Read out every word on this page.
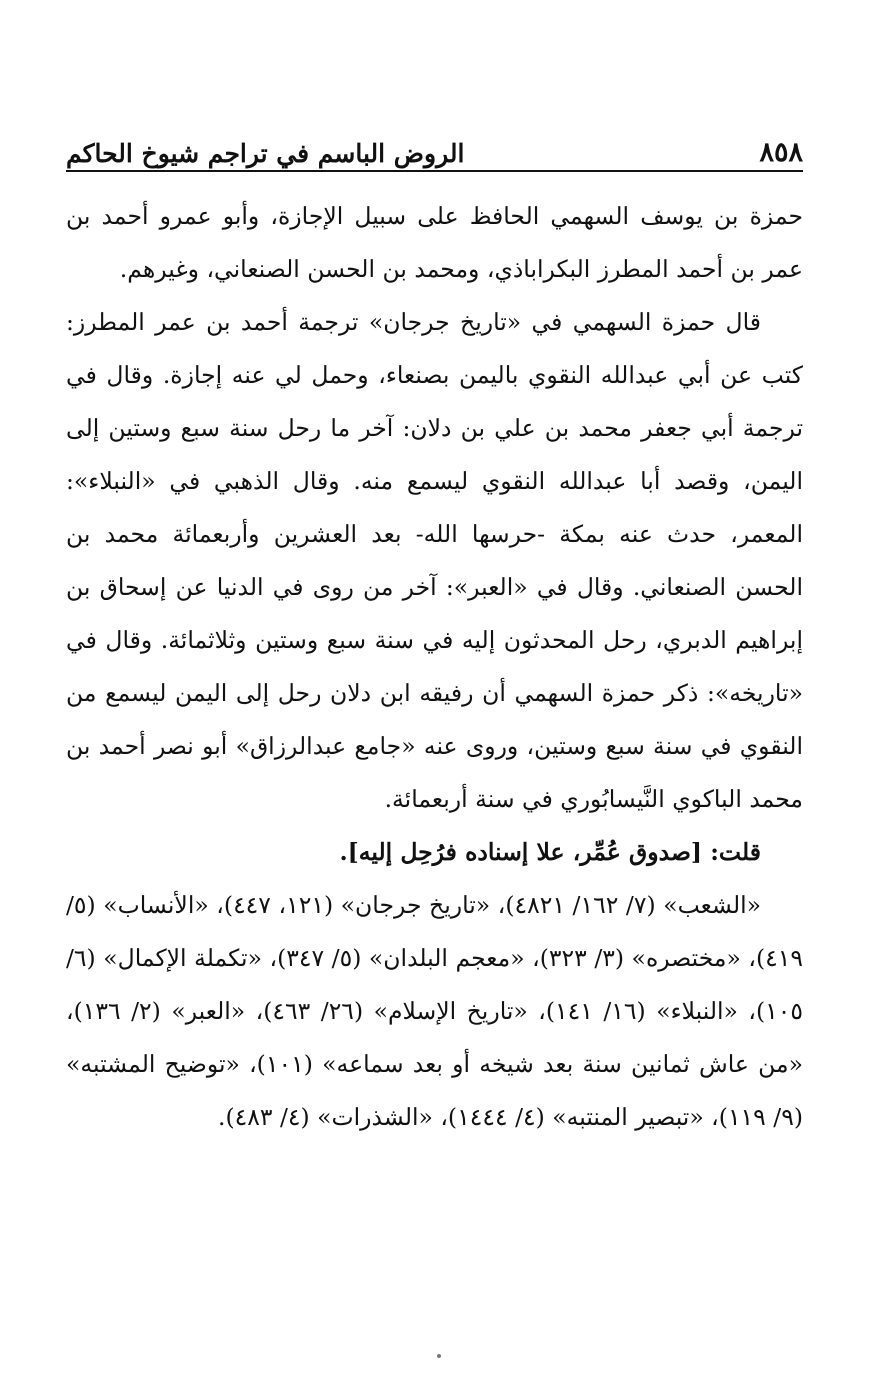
٨٥٨
الروض الباسم في تراجم شيوخ الحاكم

حمزة بن يوسف السهمي الحافظ على سبيل الإجازة، وأبو عمرو أحمد بن عمر بن أحمد المطرز البكراباذي، ومحمد بن الحسن الصنعاني، وغيرهم.

قال حمزة السهمي في «تاريخ جرجان» ترجمة أحمد بن عمر المطرز: كتب عن أبي عبدالله النقوي باليمن بصنعاء، وحمل لي عنه إجازة. وقال في ترجمة أبي جعفر محمد بن علي بن دلان: آخر ما رحل سنة سبع وستين إلى اليمن، وقصد أبا عبدالله النقوي ليسمع منه. وقال الذهبي في «النبلاء»: المعمر، حدث عنه بمكة -حرسها الله- بعد العشرين وأربعمائة محمد بن الحسن الصنعاني. وقال في «العبر»: آخر من روى في الدنيا عن إسحاق بن إبراهيم الدبري، رحل المحدثون إليه في سنة سبع وستين وثلاثمائة. وقال في «تاريخه»: ذكر حمزة السهمي أن رفيقه ابن دلان رحل إلى اليمن ليسمع من النقوي في سنة سبع وستين، وروى عنه «جامع عبدالرزاق» أبو نصر أحمد بن محمد الباكوي النَّيسابُوري في سنة أربعمائة.

قلت: [صدوق عُمِّر، علا إسناده فرُحِل إليه].

«الشعب» (٧/ ١٦٢/ ٤٨٢١)، «تاريخ جرجان» (١٢١، ٤٤٧)، «الأنساب» (٥/ ٤١٩)، «مختصره» (٣/ ٣٢٣)، «معجم البلدان» (٥/ ٣٤٧)، «تكملة الإكمال» (٦/ ١٠٥)، «النبلاء» (١٦/ ١٤١)، «تاريخ الإسلام» (٢٦/ ٤٦٣)، «العبر» (٢/ ١٣٦)، «من عاش ثمانين سنة بعد شيخه أو بعد سماعه» (١٠١)، «توضيح المشتبه» (٩/ ١١٩)، «تبصير المنتبه» (٤/ ١٤٤٤)، «الشذرات» (٤/ ٤٨٣).
